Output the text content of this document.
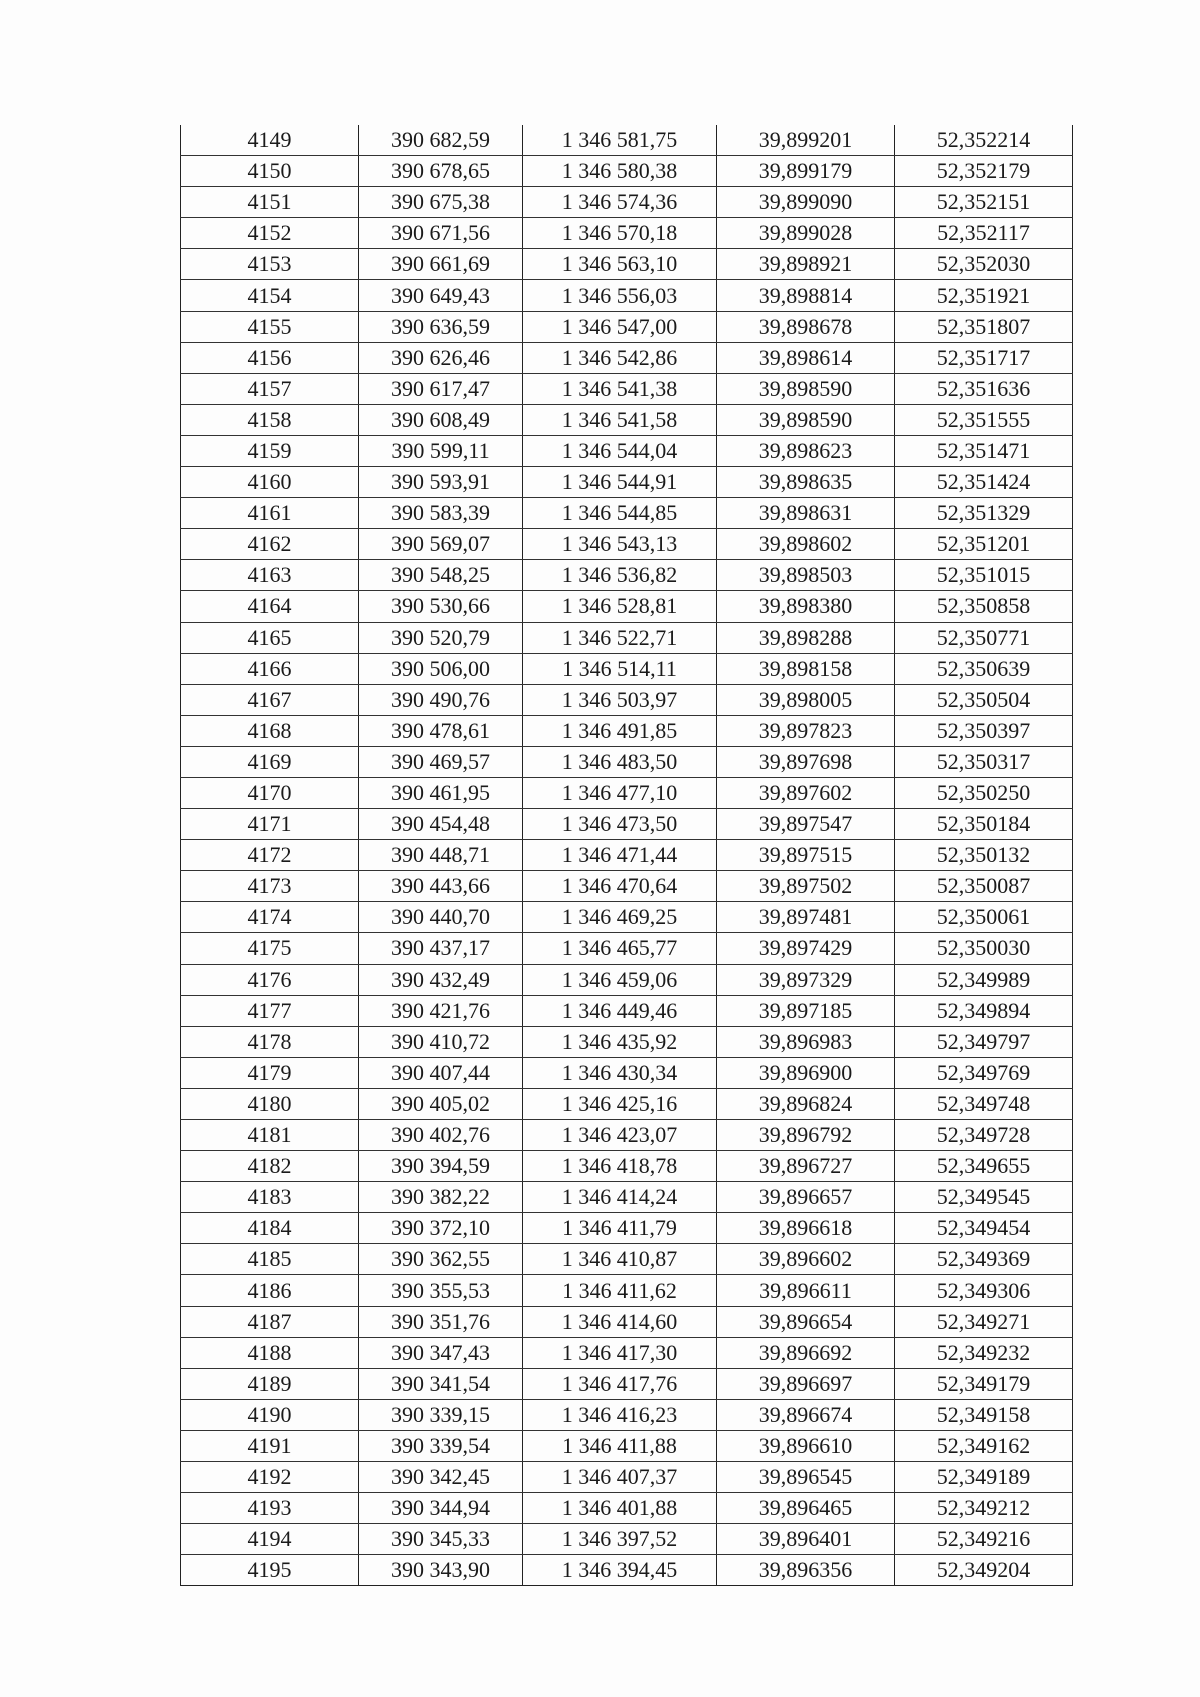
4149	390 682,59	1 346 581,75	39,899201	52,352214
4150	390 678,65	1 346 580,38	39,899179	52,352179
4151	390 675,38	1 346 574,36	39,899090	52,352151
4152	390 671,56	1 346 570,18	39,899028	52,352117
4153	390 661,69	1 346 563,10	39,898921	52,352030
4154	390 649,43	1 346 556,03	39,898814	52,351921
4155	390 636,59	1 346 547,00	39,898678	52,351807
4156	390 626,46	1 346 542,86	39,898614	52,351717
4157	390 617,47	1 346 541,38	39,898590	52,351636
4158	390 608,49	1 346 541,58	39,898590	52,351555
4159	390 599,11	1 346 544,04	39,898623	52,351471
4160	390 593,91	1 346 544,91	39,898635	52,351424
4161	390 583,39	1 346 544,85	39,898631	52,351329
4162	390 569,07	1 346 543,13	39,898602	52,351201
4163	390 548,25	1 346 536,82	39,898503	52,351015
4164	390 530,66	1 346 528,81	39,898380	52,350858
4165	390 520,79	1 346 522,71	39,898288	52,350771
4166	390 506,00	1 346 514,11	39,898158	52,350639
4167	390 490,76	1 346 503,97	39,898005	52,350504
4168	390 478,61	1 346 491,85	39,897823	52,350397
4169	390 469,57	1 346 483,50	39,897698	52,350317
4170	390 461,95	1 346 477,10	39,897602	52,350250
4171	390 454,48	1 346 473,50	39,897547	52,350184
4172	390 448,71	1 346 471,44	39,897515	52,350132
4173	390 443,66	1 346 470,64	39,897502	52,350087
4174	390 440,70	1 346 469,25	39,897481	52,350061
4175	390 437,17	1 346 465,77	39,897429	52,350030
4176	390 432,49	1 346 459,06	39,897329	52,349989
4177	390 421,76	1 346 449,46	39,897185	52,349894
4178	390 410,72	1 346 435,92	39,896983	52,349797
4179	390 407,44	1 346 430,34	39,896900	52,349769
4180	390 405,02	1 346 425,16	39,896824	52,349748
4181	390 402,76	1 346 423,07	39,896792	52,349728
4182	390 394,59	1 346 418,78	39,896727	52,349655
4183	390 382,22	1 346 414,24	39,896657	52,349545
4184	390 372,10	1 346 411,79	39,896618	52,349454
4185	390 362,55	1 346 410,87	39,896602	52,349369
4186	390 355,53	1 346 411,62	39,896611	52,349306
4187	390 351,76	1 346 414,60	39,896654	52,349271
4188	390 347,43	1 346 417,30	39,896692	52,349232
4189	390 341,54	1 346 417,76	39,896697	52,349179
4190	390 339,15	1 346 416,23	39,896674	52,349158
4191	390 339,54	1 346 411,88	39,896610	52,349162
4192	390 342,45	1 346 407,37	39,896545	52,349189
4193	390 344,94	1 346 401,88	39,896465	52,349212
4194	390 345,33	1 346 397,52	39,896401	52,349216
4195	390 343,90	1 346 394,45	39,896356	52,349204
